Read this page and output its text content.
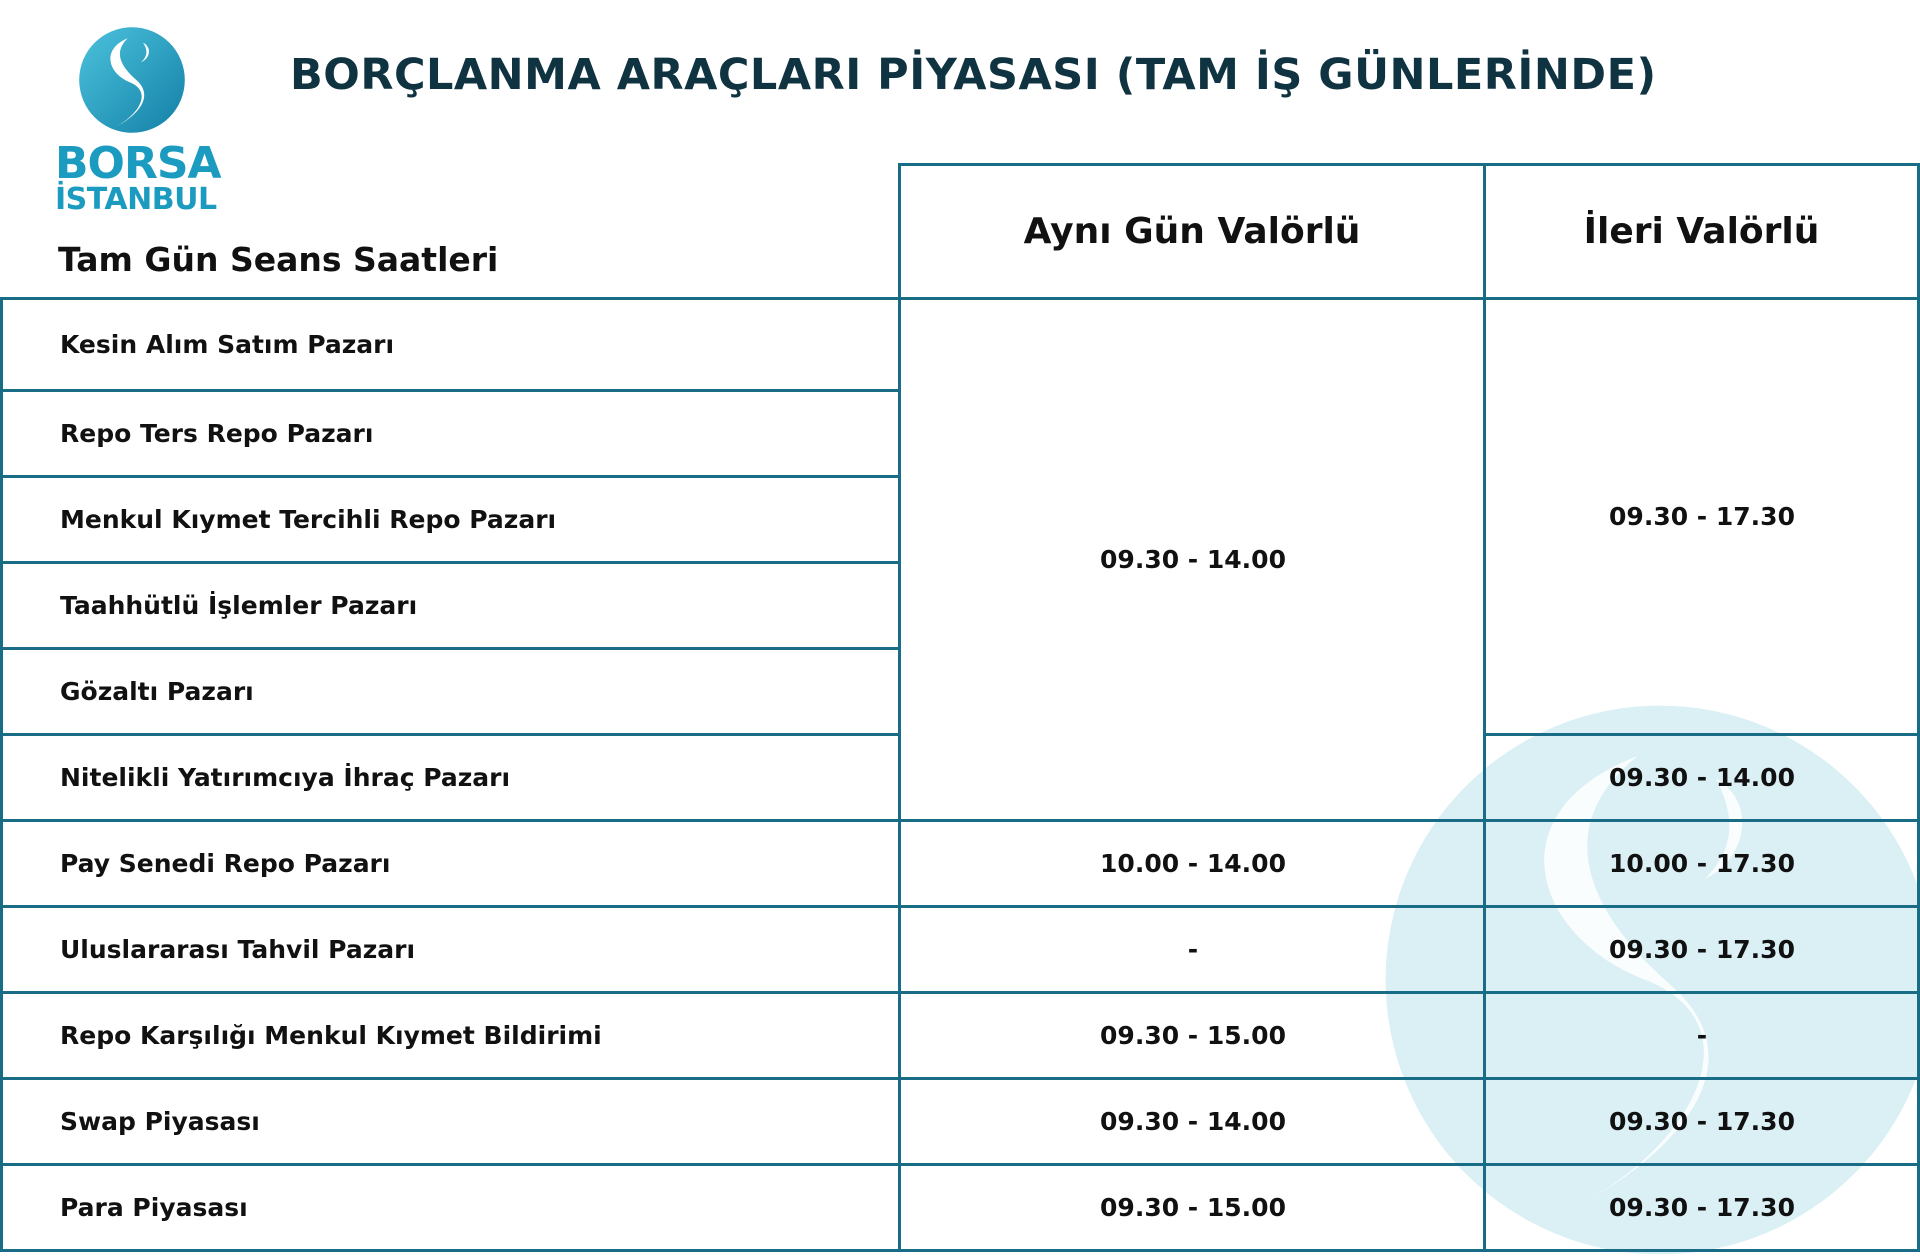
BORSA
İSTANBUL
BORÇLANMA ARAÇLARI PİYASASI (TAM İŞ GÜNLERİNDE)
Tam Gün Seans Saatleri
Aynı Gün Valörlü	İleri Valörlü
Kesin Alım Satım Pazarı
Repo Ters Repo Pazarı
Menkul Kıymet Tercihli Repo Pazarı
Taahhütlü İşlemler Pazarı
Gözaltı Pazarı
Nitelikli Yatırımcıya İhraç Pazarı
Pay Senedi Repo Pazarı
Uluslararası Tahvil Pazarı
Repo Karşılığı Menkul Kıymet Bildirimi
Swap Piyasası
Para Piyasası
09.30 - 14.00
10.00 - 14.00
-
09.30 - 15.00
09.30 - 14.00
09.30 - 15.00
09.30 - 17.30
09.30 - 14.00
10.00 - 17.30
09.30 - 17.30
-
09.30 - 17.30
09.30 - 17.30
